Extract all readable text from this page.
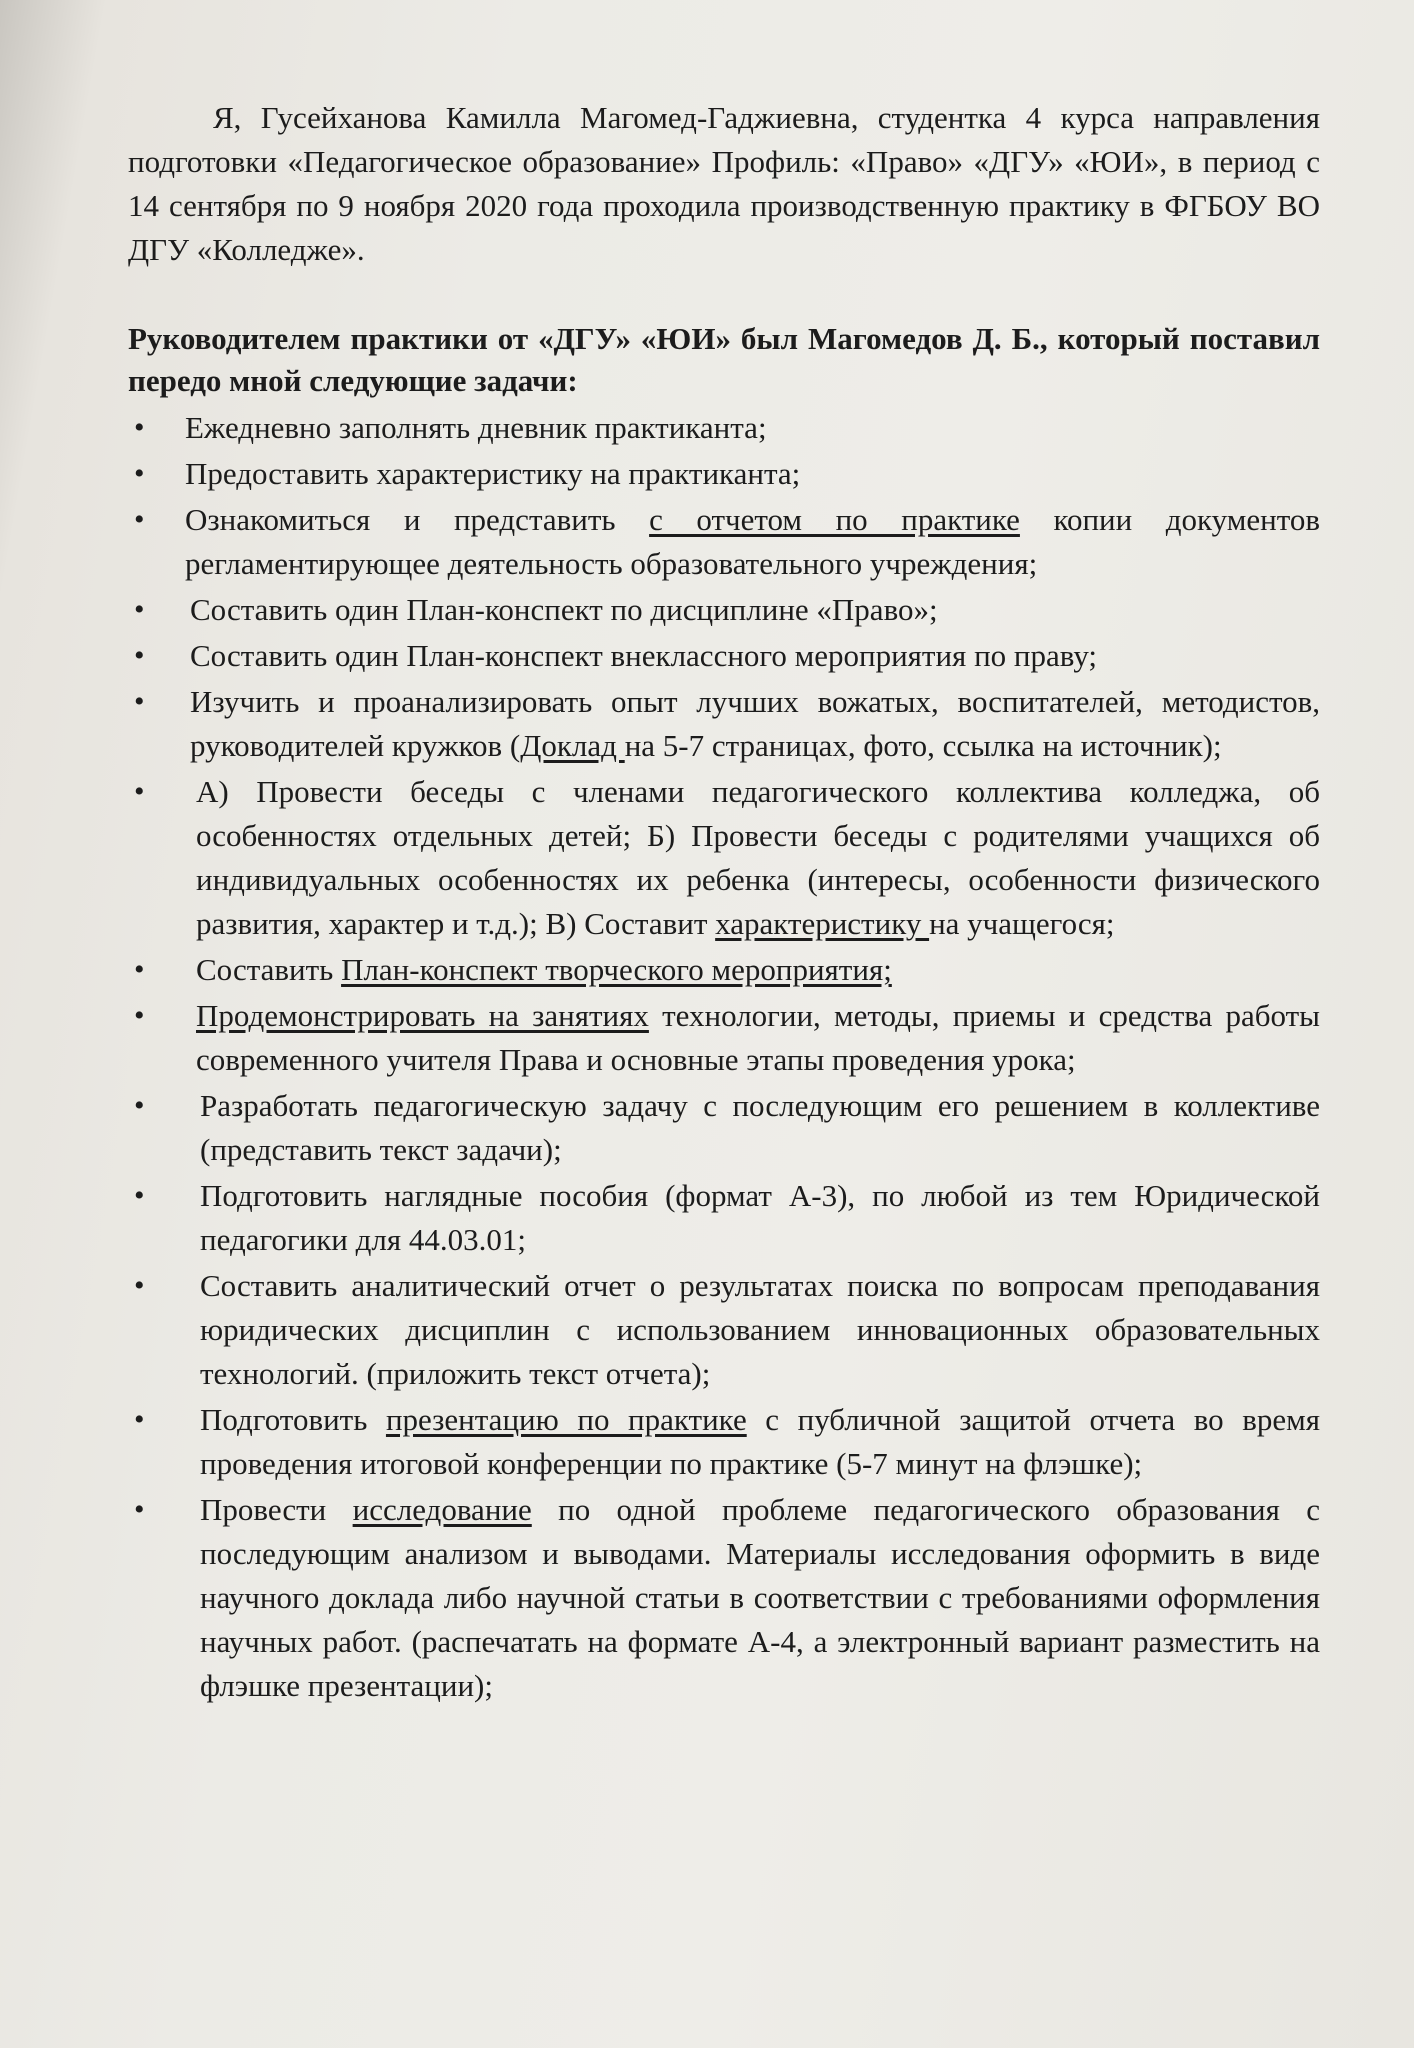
Я, Гусейханова Камилла Магомед-Гаджиевна, студентка 4 курса направления подготовки «Педагогическое образование» Профиль: «Право» «ДГУ» «ЮИ», в период с 14 сентября по 9 ноября 2020 года проходила производственную практику в ФГБОУ ВО ДГУ «Колледже».

Руководителем практики от «ДГУ» «ЮИ» был Магомедов Д. Б., который поставил передо мной следующие задачи:

• Ежедневно заполнять дневник практиканта;
• Предоставить характеристику на практиканта;
• Ознакомиться и представить с отчетом по практике копии документов регламентирующее деятельность образовательного учреждения;
• Составить один План-конспект по дисциплине «Право»;
• Составить один План-конспект внеклассного мероприятия по праву;
• Изучить и проанализировать опыт лучших вожатых, воспитателей, методистов, руководителей кружков (Доклад на 5-7 страницах, фото, ссылка на источник);
• А) Провести беседы с членами педагогического коллектива колледжа, об особенностях отдельных детей; Б) Провести беседы с родителями учащихся об индивидуальных особенностях их ребенка (интересы, особенности физического развития, характер и т.д.); В) Составит характеристику на учащегося;
• Составить План-конспект творческого мероприятия;
• Продемонстрировать на занятиях технологии, методы, приемы и средства работы современного учителя Права и основные этапы проведения урока;
• Разработать педагогическую задачу с последующим его решением в коллективе (представить текст задачи);
• Подготовить наглядные пособия (формат А-3), по любой из тем Юридической педагогики для 44.03.01;
• Составить аналитический отчет о результатах поиска по вопросам преподавания юридических дисциплин с использованием инновационных образовательных технологий. (приложить текст отчета);
• Подготовить презентацию по практике с публичной защитой отчета во время проведения итоговой конференции по практике (5-7 минут на флэшке);
• Провести исследование по одной проблеме педагогического образования с последующим анализом и выводами. Материалы исследования оформить в виде научного доклада либо научной статьи в соответствии с требованиями оформления научных работ. (распечатать на формате А-4, а электронный вариант разместить на флэшке презентации);
